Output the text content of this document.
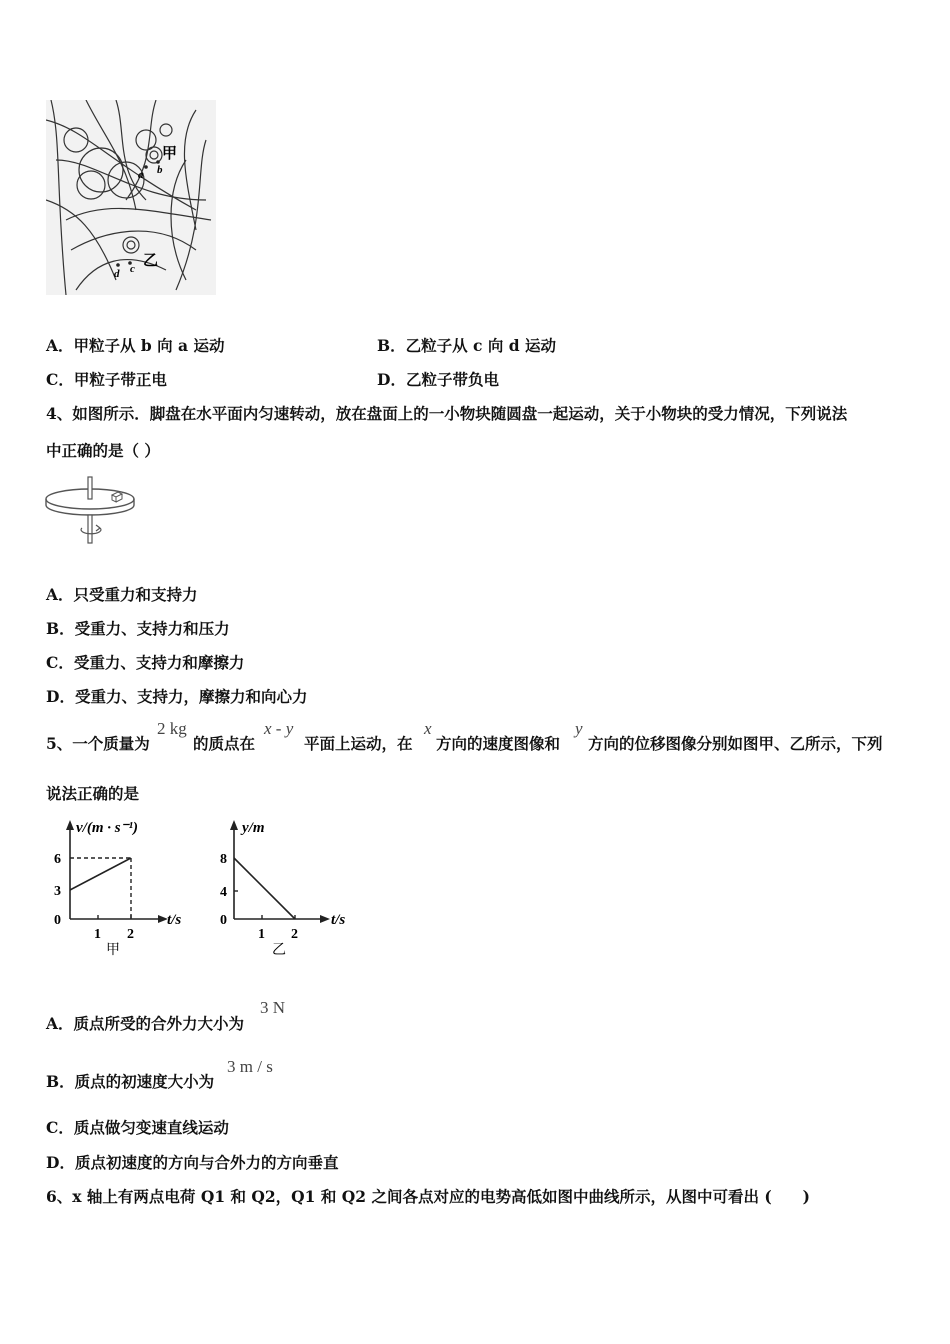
甲
a b
乙
d c
A．甲粒子从 b 向 a 运动	B．乙粒子从 c 向 d 运动
C．甲粒子带正电	D．乙粒子带负电
4、如图所示．脚盘在水平面内匀速转动，放在盘面上的一小物块随圆盘一起运动，关于小物块的受力情况，下列说法
中正确的是（ ）
A．只受重力和支持力
B．受重力、支持力和压力
C．受重力、支持力和摩擦力
D．受重力、支持力，摩擦力和向心力
5、一个质量为
2 kg
的质点在
x - y
平面上运动，在
x
方向的速度图像和
y
方向的位移图像分别如图甲、乙所示，下列
说法正确的是
v/(m · s⁻¹)
t/s
6
3
0
1 2
甲
y/m
t/s
8
4
0
1 2
乙
A．质点所受的合外力大小为
3 N
B．质点的初速度大小为
3 m / s
C．质点做匀变速直线运动
D．质点初速度的方向与合外力的方向垂直
6、x 轴上有两点电荷 Q1 和 Q2，Q1 和 Q2 之间各点对应的电势高低如图中曲线所示，从图中可看出 (　　)
